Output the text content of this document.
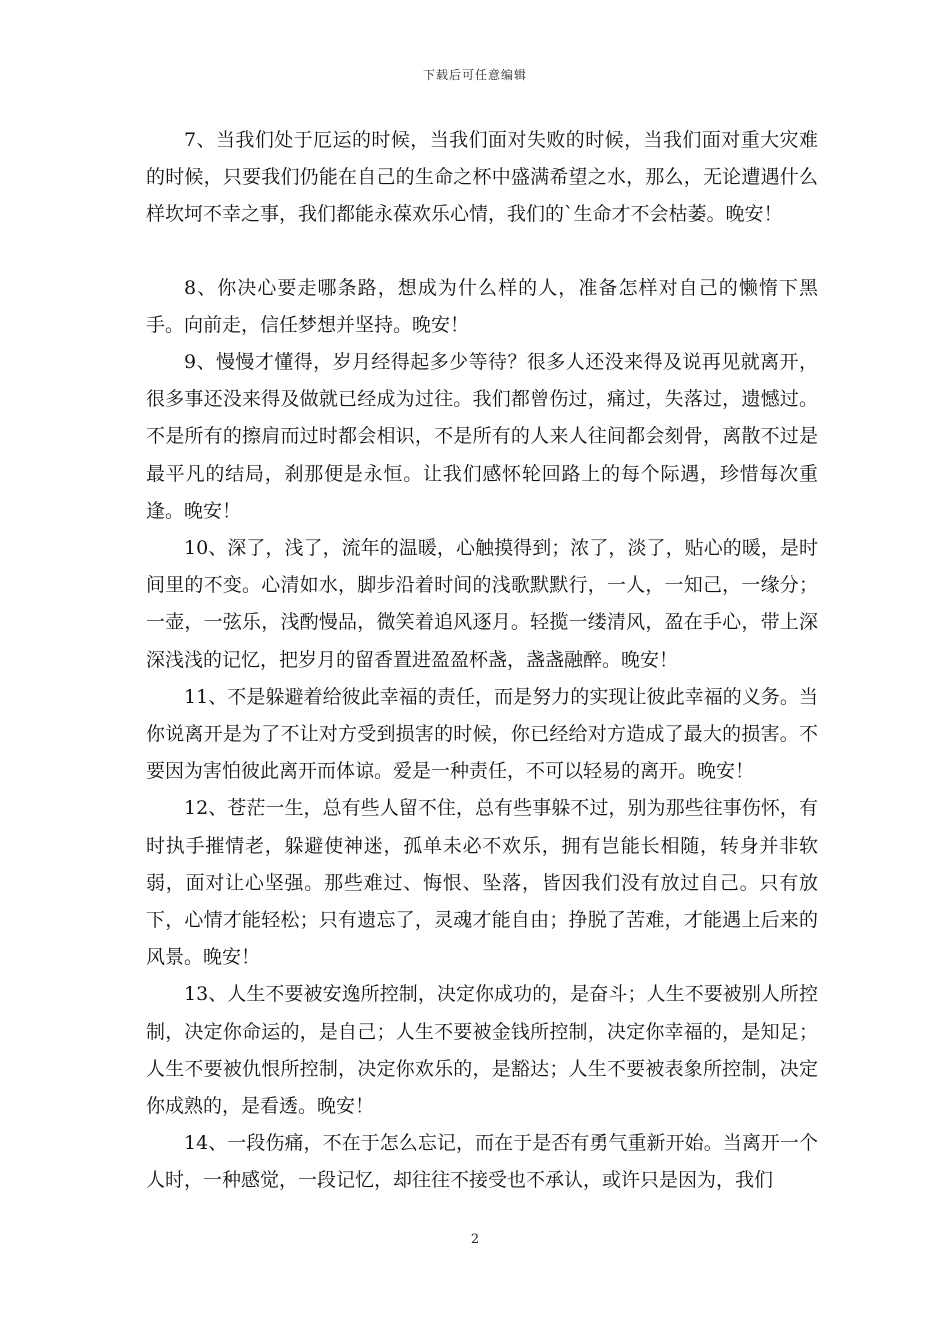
下载后可任意编辑

7、当我们处于厄运的时候，当我们面对失败的时候，当我们面对重大灾难的时候，只要我们仍能在自己的生命之杯中盛满希望之水，那么，无论遭遇什么样坎坷不幸之事，我们都能永葆欢乐心情，我们的`生命才不会枯萎。晚安！

8、你决心要走哪条路，想成为什么样的人，准备怎样对自己的懒惰下黑手。向前走，信任梦想并坚持。晚安！

9、慢慢才懂得，岁月经得起多少等待？很多人还没来得及说再见就离开，很多事还没来得及做就已经成为过往。我们都曾伤过，痛过，失落过，遗憾过。不是所有的擦肩而过时都会相识，不是所有的人来人往间都会刻骨，离散不过是最平凡的结局，刹那便是永恒。让我们感怀轮回路上的每个际遇，珍惜每次重逢。晚安！

10、深了，浅了，流年的温暖，心触摸得到；浓了，淡了，贴心的暖，是时间里的不变。心清如水，脚步沿着时间的浅歌默默行，一人，一知己，一缘分；一壶，一弦乐，浅酌慢品，微笑着追风逐月。轻揽一缕清风，盈在手心，带上深深浅浅的记忆，把岁月的留香置进盈盈杯盏，盏盏融醉。晚安！

11、不是躲避着给彼此幸福的责任，而是努力的实现让彼此幸福的义务。当你说离开是为了不让对方受到损害的时候，你已经给对方造成了最大的损害。不要因为害怕彼此离开而体谅。爱是一种责任，不可以轻易的离开。晚安！

12、苍茫一生，总有些人留不住，总有些事躲不过，别为那些往事伤怀，有时执手摧情老，躲避使神迷，孤单未必不欢乐，拥有岂能长相随，转身并非软弱，面对让心坚强。那些难过、悔恨、坠落，皆因我们没有放过自己。只有放下，心情才能轻松；只有遗忘了，灵魂才能自由；挣脱了苦难，才能遇上后来的风景。晚安！

13、人生不要被安逸所控制，决定你成功的，是奋斗；人生不要被别人所控制，决定你命运的，是自己；人生不要被金钱所控制，决定你幸福的，是知足；人生不要被仇恨所控制，决定你欢乐的，是豁达；人生不要被表象所控制，决定你成熟的，是看透。晚安！

14、一段伤痛，不在于怎么忘记，而在于是否有勇气重新开始。当离开一个人时，一种感觉，一段记忆，却往往不接受也不承认，或许只是因为，我们

2
